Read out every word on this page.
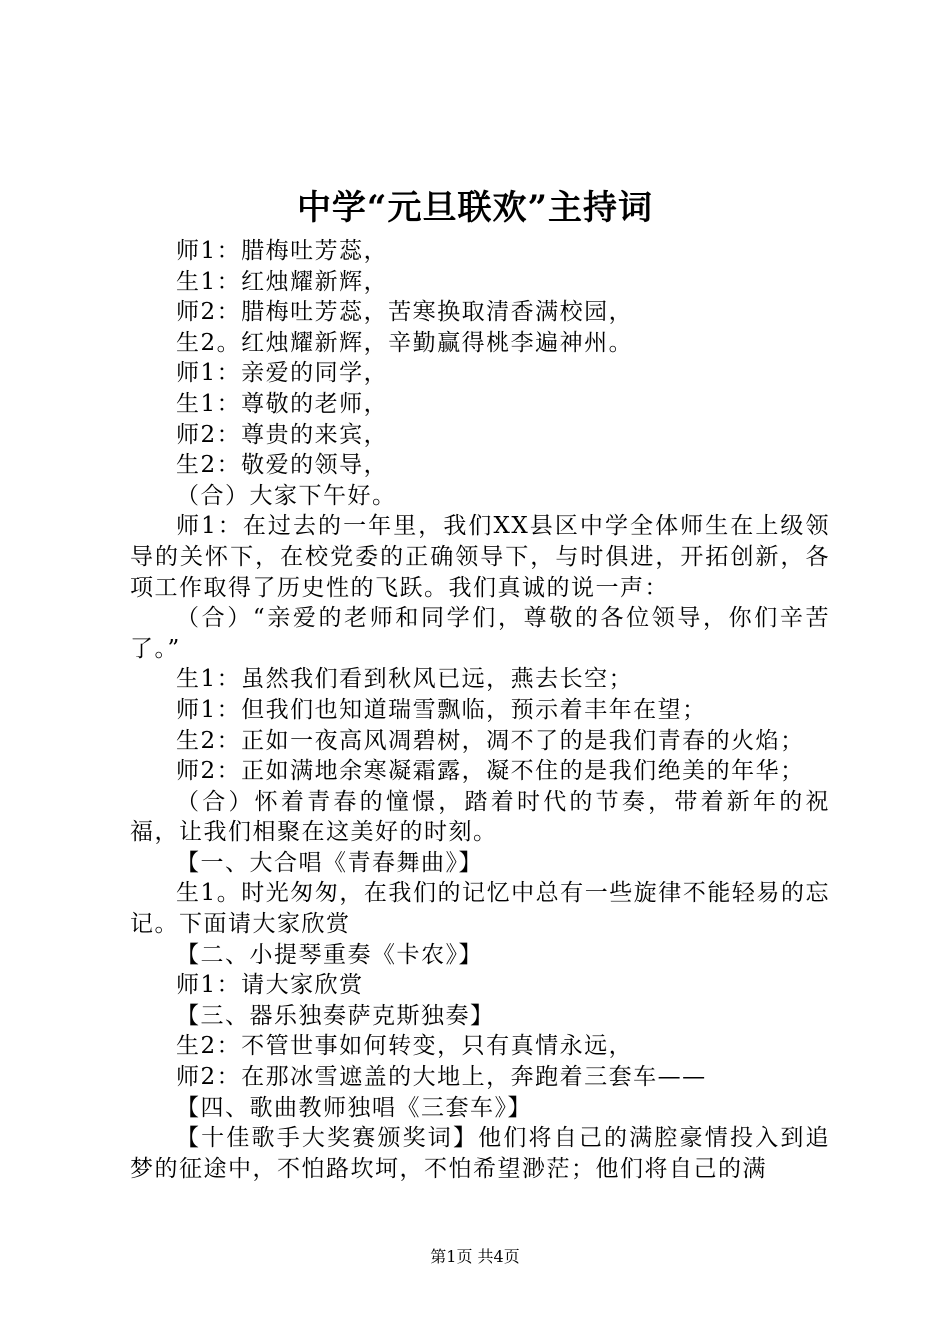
中学“元旦联欢”主持词

师1：腊梅吐芳蕊，

生1：红烛耀新辉，

师2：腊梅吐芳蕊，苦寒换取清香满校园，

生2。红烛耀新辉，辛勤赢得桃李遍神州。

师1：亲爱的同学，

生1：尊敬的老师，

师2：尊贵的来宾，

生2：敬爱的领导，

（合）大家下午好。

师1：在过去的一年里，我们XX县区中学全体师生在上级领导的关怀下，在校党委的正确领导下，与时俱进，开拓创新，各项工作取得了历史性的飞跃。我们真诚的说一声：

（合）“亲爱的老师和同学们，尊敬的各位领导，你们辛苦了。”

生1：虽然我们看到秋风已远，燕去长空；

师1：但我们也知道瑞雪飘临，预示着丰年在望；

生2：正如一夜高风凋碧树，凋不了的是我们青春的火焰；

师2：正如满地余寒凝霜露，凝不住的是我们绝美的年华；

（合）怀着青春的憧憬，踏着时代的节奏，带着新年的祝福，让我们相聚在这美好的时刻。

【一、大合唱《青春舞曲》】

生1。时光匆匆，在我们的记忆中总有一些旋律不能轻易的忘记。下面请大家欣赏

【二、小提琴重奏《卡农》】

师1：请大家欣赏

【三、器乐独奏萨克斯独奏】

生2：不管世事如何转变，只有真情永远，

师2：在那冰雪遮盖的大地上，奔跑着三套车——

【四、歌曲教师独唱《三套车》】

【十佳歌手大奖赛颁奖词】他们将自己的满腔豪情投入到追梦的征途中，不怕路坎坷，不怕希望渺茫；他们将自己的满

第1页 共4页
